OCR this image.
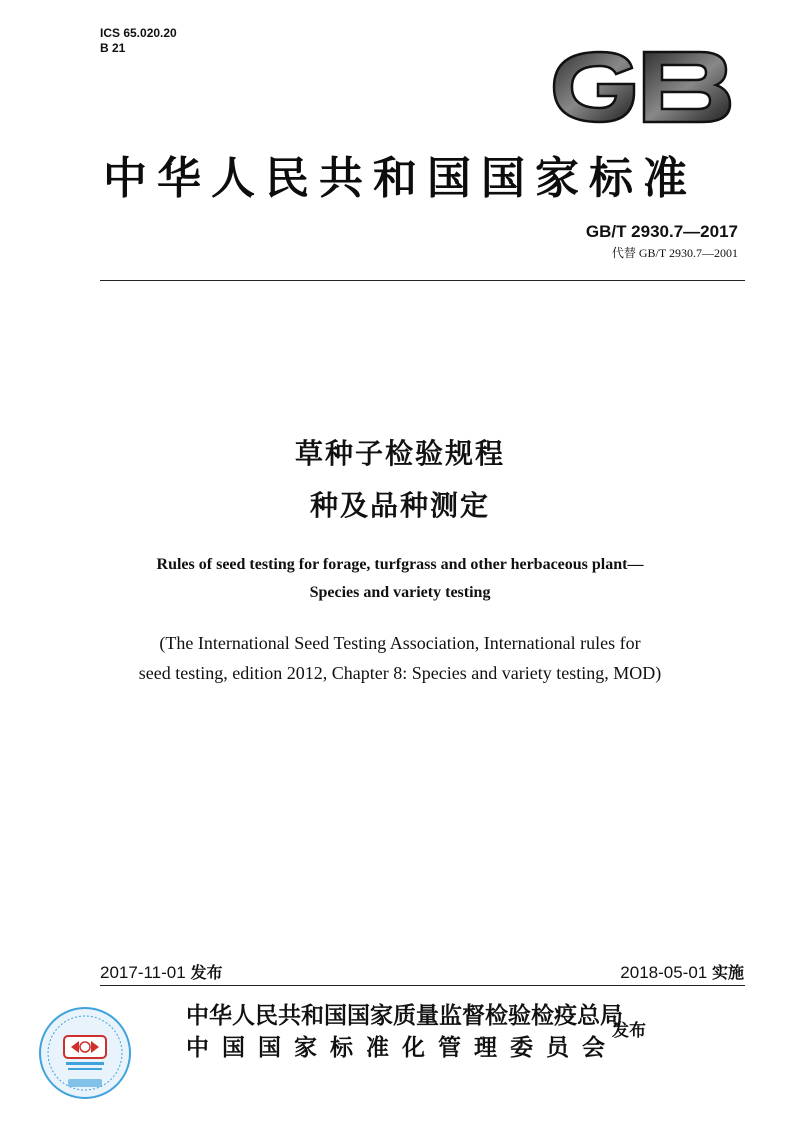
ICS 65.020.20
B 21
中华人民共和国国家标准
GB/T 2930.7—2017
代替 GB/T 2930.7—2001
草种子检验规程
种及品种测定
Rules of seed testing for forage, turfgrass and other herbaceous plant—
Species and variety testing
(The International Seed Testing Association, International rules for
seed testing, edition 2012, Chapter 8: Species and variety testing, MOD)
2017-11-01 发布	2018-05-01 实施
中华人民共和国国家质量监督检验检疫总局
中国国家标准化管理委员会
发布
